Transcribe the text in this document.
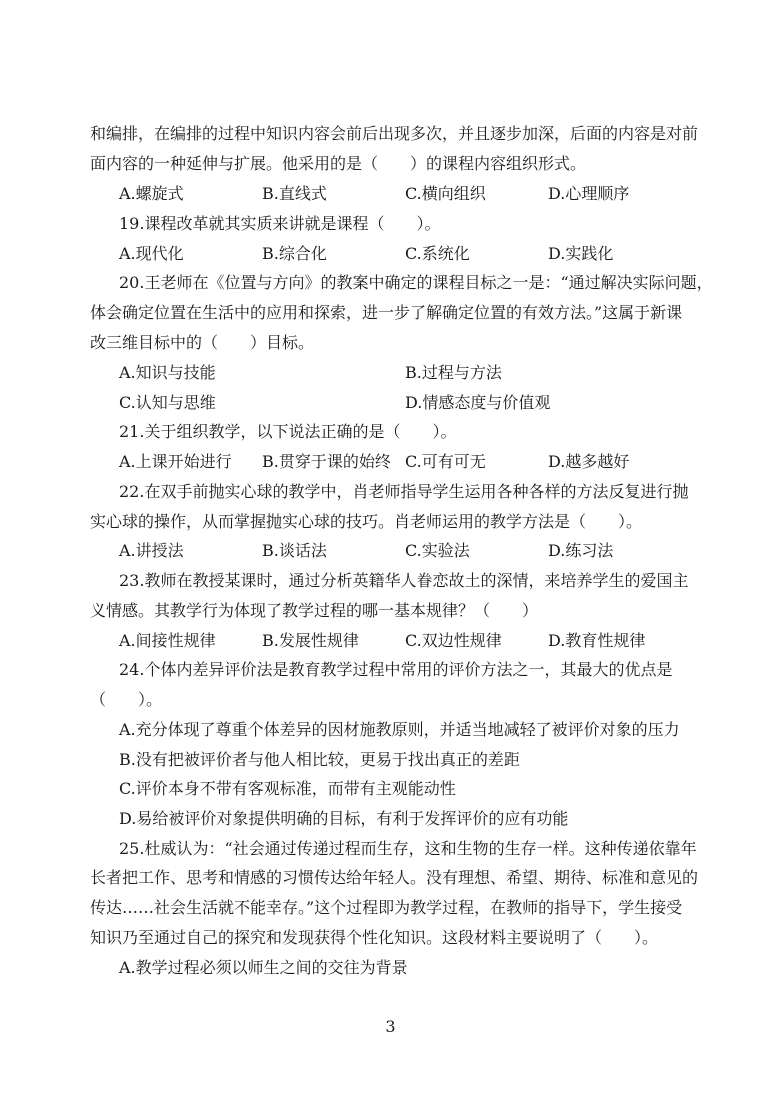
和编排，在编排的过程中知识内容会前后出现多次，并且逐步加深，后面的内容是对前
面内容的一种延伸与扩展。他采用的是（　　）的课程内容组织形式。
A.螺旋式	B.直线式	C.横向组织	D.心理顺序
19.课程改革就其实质来讲就是课程（　　）。
A.现代化	B.综合化	C.系统化	D.实践化
20.王老师在《位置与方向》的教案中确定的课程目标之一是：“通过解决实际问题，
体会确定位置在生活中的应用和探索，进一步了解确定位置的有效方法。”这属于新课
改三维目标中的（　　）目标。
A.知识与技能	B.过程与方法
C.认知与思维	D.情感态度与价值观
21.关于组织教学，以下说法正确的是（　　）。
A.上课开始进行 B.贯穿于课的始终 C.可有可无	D.越多越好
22.在双手前抛实心球的教学中，肖老师指导学生运用各种各样的方法反复进行抛
实心球的操作，从而掌握抛实心球的技巧。肖老师运用的教学方法是（　　）。
A.讲授法	B.谈话法	C.实验法	D.练习法
23.教师在教授某课时，通过分析英籍华人眷恋故土的深情，来培养学生的爱国主
义情感。其教学行为体现了教学过程的哪一基本规律？（　　）
A.间接性规律	B.发展性规律	C.双边性规律	D.教育性规律
24.个体内差异评价法是教育教学过程中常用的评价方法之一，其最大的优点是
（　　）。
A.充分体现了尊重个体差异的因材施教原则，并适当地减轻了被评价对象的压力
B.没有把被评价者与他人相比较，更易于找出真正的差距
C.评价本身不带有客观标准，而带有主观能动性
D.易给被评价对象提供明确的目标，有利于发挥评价的应有功能
25.杜威认为：“社会通过传递过程而生存，这和生物的生存一样。这种传递依靠年
长者把工作、思考和情感的习惯传达给年轻人。没有理想、希望、期待、标准和意见的
传达……社会生活就不能幸存。”这个过程即为教学过程，在教师的指导下，学生接受
知识乃至通过自己的探究和发现获得个性化知识。这段材料主要说明了（　　）。
A.教学过程必须以师生之间的交往为背景
3
